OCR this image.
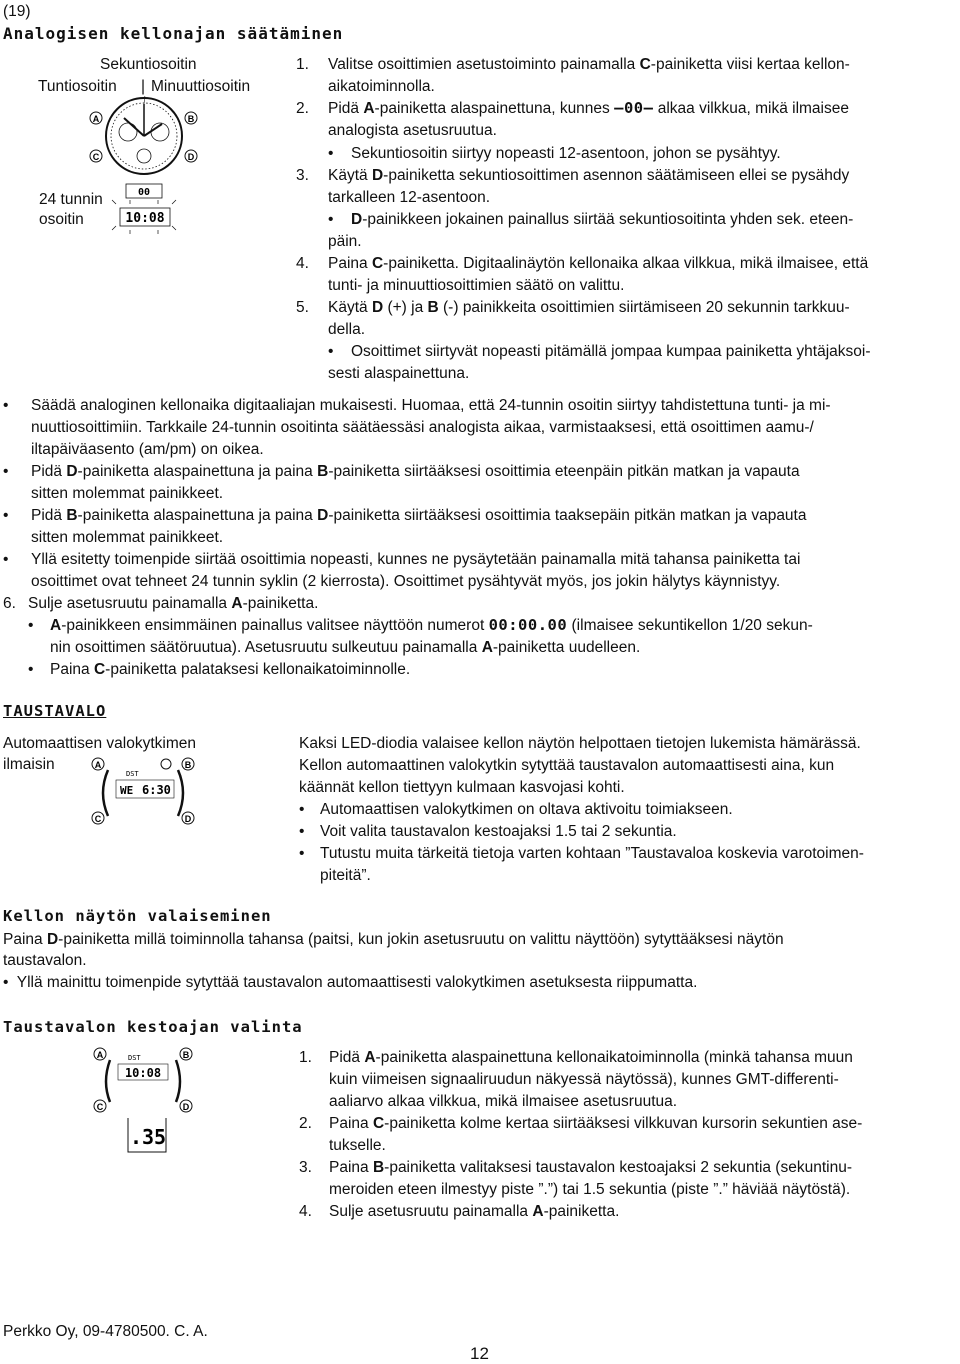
(19)
Analogisen kellonajan säätäminen
Sekuntiosoitin
Tuntiosoitin | Minuuttiosoitin
24 tunnin
osoitin
A	B
C	D
00
10:08
1. Valitse osoittimien asetustoiminto painamalla C-painiketta viisi kertaa kellon-
aikatoiminnolla.
2. Pidä A-painiketta alaspainettuna, kunnes –00– alkaa vilkkua, mikä ilmaisee
analogista asetusruutua.
• Sekuntiosoitin siirtyy nopeasti 12-asentoon, johon se pysähtyy.
3. Käytä D-painiketta sekuntiosoittimen asennon säätämiseen ellei se pysähdy
tarkalleen 12-asentoon.
• D-painikkeen jokainen painallus siirtää sekuntiosoitinta yhden sek. eteen-
päin.
4. Paina C-painiketta. Digitaalinäytön kellonaika alkaa vilkkua, mikä ilmaisee, että
tunti- ja minuuttiosoittimien säätö on valittu.
5. Käytä D (+) ja B (-) painikkeita osoittimien siirtämiseen 20 sekunnin tarkkuu-
della.
• Osoittimet siirtyvät nopeasti pitämällä jompaa kumpaa painiketta yhtäjaksoi-
sesti alaspainettuna.
• Säädä analoginen kellonaika digitaaliajan mukaisesti. Huomaa, että 24-tunnin osoitin siirtyy tahdistettuna tunti- ja mi-
nuuttiosoittimiin. Tarkkaile 24-tunnin osoitinta säätäessäsi analogista aikaa, varmistaaksesi, että osoittimen aamu-/
iltapäiväasento (am/pm) on oikea.
• Pidä D-painiketta alaspainettuna ja paina B-painiketta siirtääksesi osoittimia eteenpäin pitkän matkan ja vapauta
sitten molemmat painikkeet.
• Pidä B-painiketta alaspainettuna ja paina D-painiketta siirtääksesi osoittimia taaksepäin pitkän matkan ja vapauta
sitten molemmat painikkeet.
• Yllä esitetty toimenpide siirtää osoittimia nopeasti, kunnes ne pysäytetään painamalla mitä tahansa painiketta tai
osoittimet ovat tehneet 24 tunnin syklin (2 kierrosta). Osoittimet pysähtyvät myös, jos jokin hälytys käynnistyy.
6. Sulje asetusruutu painamalla A-painiketta.
• A-painikkeen ensimmäinen painallus valitsee näyttöön numerot 00:00.00 (ilmaisee sekuntikellon 1/20 sekun-
nin osoittimen säätöruutua). Asetusruutu sulkeutuu painamalla A-painiketta uudelleen.
• Paina C-painiketta palataksesi kellonaikatoiminnolle.
TAUSTAVALO
Automaattisen valokytkimen
ilmaisin	A	B
C	D
DST
WE 6:30
Kaksi LED-diodia valaisee kellon näytön helpottaen tietojen lukemista hämärässä.
Kellon automaattinen valokytkin sytyttää taustavalon automaattisesti aina, kun
käännät kellon tiettyyn kulmaan kasvojasi kohti.
• Automaattisen valokytkimen on oltava aktivoitu toimiakseen.
• Voit valita taustavalon kestoajaksi 1.5 tai 2 sekuntia.
• Tutustu muita tärkeitä tietoja varten kohtaan ”Taustavaloa koskevia varotoimen-
piteitä”.
Kellon näytön valaiseminen
Paina D-painiketta millä toiminnolla tahansa (paitsi, kun jokin asetusruutu on valittu näyttöön) sytyttääksesi näytön
taustavalon.
•  Yllä mainittu toimenpide sytyttää taustavalon automaattisesti valokytkimen asetuksesta riippumatta.
Taustavalon kestoajan valinta
A	B
C	D
DST
10:08
.35
1. Pidä A-painiketta alaspainettuna kellonaikatoiminnolla (minkä tahansa muun
kuin viimeisen signaaliruudun näkyessä näytössä), kunnes GMT-differenti-
aaliarvo alkaa vilkkua, mikä ilmaisee asetusruutua.
2. Paina C-painiketta kolme kertaa siirtääksesi vilkkuvan kursorin sekuntien ase-
tukselle.
3. Paina B-painiketta valitaksesi taustavalon kestoajaksi 2 sekuntia (sekuntinu-
meroiden eteen ilmestyy piste ”.”) tai 1.5 sekuntia (piste ”.” häviää näytöstä).
4. Sulje asetusruutu painamalla A-painiketta.
Perkko Oy, 09-4780500. C. A.
12
